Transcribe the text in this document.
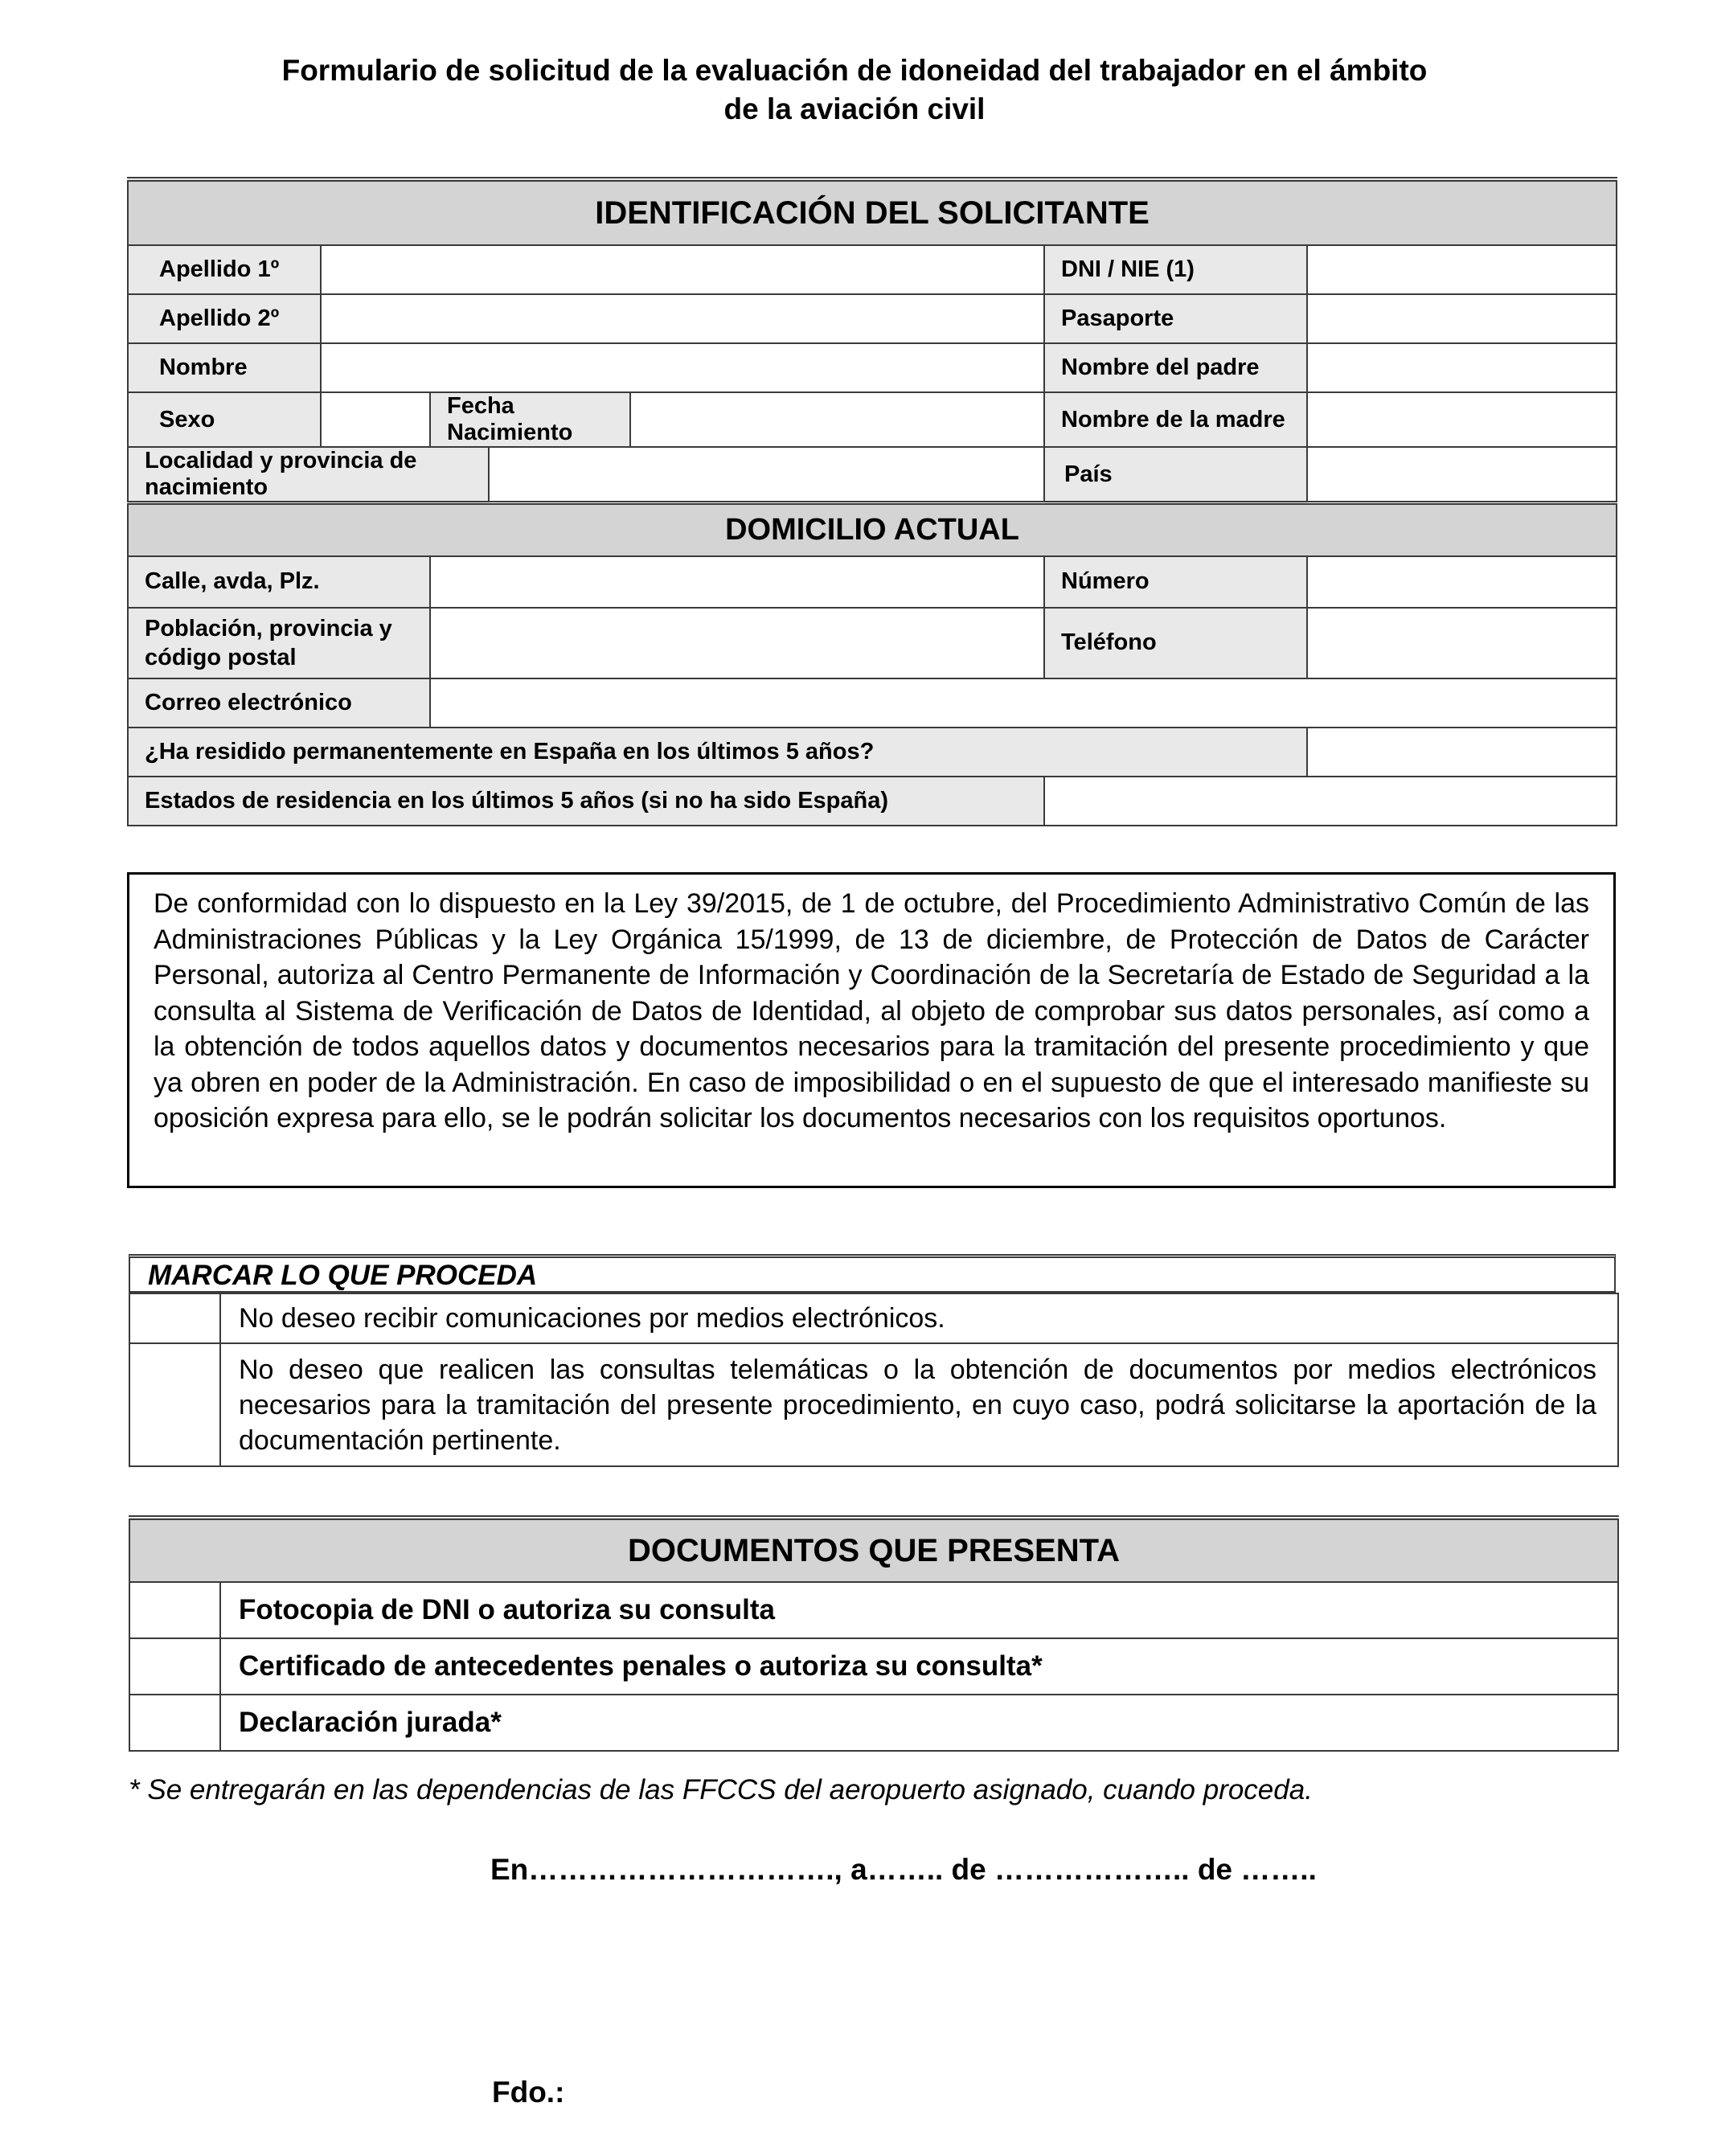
Formulario de solicitud de la evaluación de idoneidad del trabajador en el ámbito
de la aviación civil
IDENTIFICACIÓN DEL SOLICITANTE						
Apellido 1º					DNI / NIE (1)	
Apellido 2º					Pasaporte	
Nombre					Nombre del padre	
Sexo		Fecha Nacimiento			Nombre de la madre	
Localidad y provincia de nacimiento					País	
DOMICILIO ACTUAL						
Calle, avda, Plz.					Número	

Población, provincia y
código postal					Teléfono	
Correo electrónico						
¿Ha residido permanentemente en España en los últimos 5 años?						
Estados de residencia en los últimos 5 años (si no ha sido España)						
De conformidad con lo dispuesto en la Ley 39/2015, de 1 de octubre, del Procedimiento Administrativo Común de las Administraciones Públicas y la Ley Orgánica 15/1999, de 13 de diciembre, de Protección de Datos de Carácter Personal, autoriza al Centro Permanente de Información y Coordinación de la Secretaría de Estado de Seguridad a la consulta al Sistema de Verificación de Datos de Identidad, al objeto de comprobar sus datos personales, así como a la obtención de todos aquellos datos y documentos necesarios para la tramitación del presente procedimiento y que ya obren en poder de la Administración. En caso de imposibilidad o en el supuesto de que el interesado manifieste su oposición expresa para ello, se le podrán solicitar los documentos necesarios con los requisitos oportunos.
MARCAR LO QUE PROCEDA
	No deseo recibir comunicaciones por medios electrónicos.
	No deseo que realicen las consultas telemáticas o la obtención de documentos por medios electrónicos necesarios para la tramitación del presente procedimiento, en cuyo caso, podrá solicitarse la aportación de la documentación pertinente.
DOCUMENTOS QUE PRESENTA	
	Fotocopia de DNI o autoriza su consulta
	Certificado de antecedentes penales o autoriza su consulta*
	Declaración jurada*
* Se entregarán en las dependencias de las FFCCS del aeropuerto asignado, cuando proceda.
En…………………………., a…….. de ……………….. de ……..
Fdo.:
